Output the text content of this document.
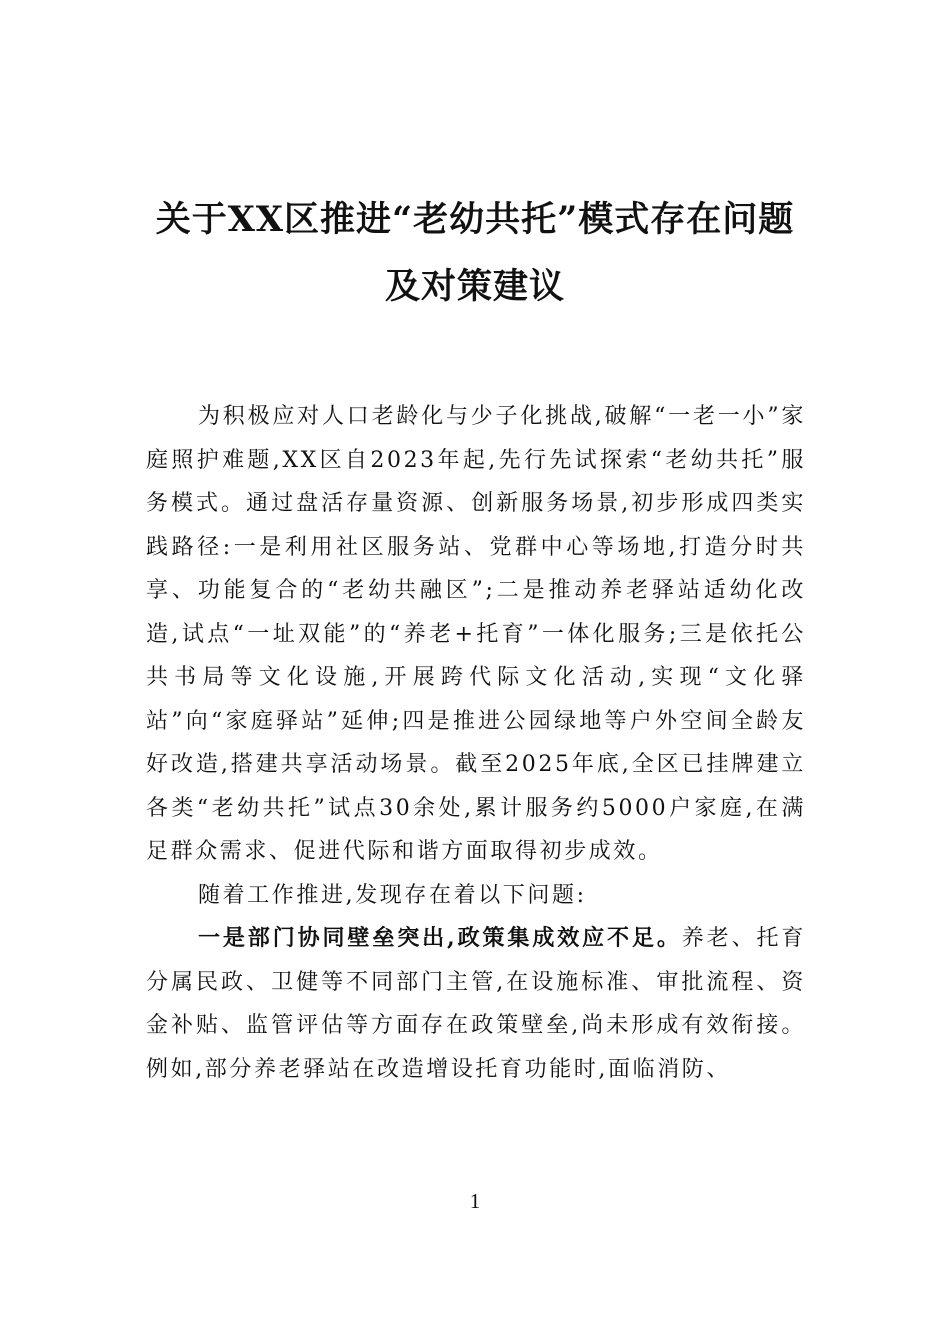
关于XX区推进“老幼共托”模式存在问题
及对策建议

为积极应对人口老龄化与少子化挑战,破解“一老一小”家庭照护难题,XX区自2023年起,先行先试探索“老幼共托”服务模式。通过盘活存量资源、创新服务场景,初步形成四类实践路径:一是利用社区服务站、党群中心等场地,打造分时共享、功能复合的“老幼共融区”;二是推动养老驿站适幼化改造,试点“一址双能”的“养老+托育”一体化服务;三是依托公共书局等文化设施,开展跨代际文化活动,实现“文化驿站”向“家庭驿站”延伸;四是推进公园绿地等户外空间全龄友好改造,搭建共享活动场景。截至2025年底,全区已挂牌建立各类“老幼共托”试点30余处,累计服务约5000户家庭,在满足群众需求、促进代际和谐方面取得初步成效。

随着工作推进,发现存在着以下问题:

一是部门协同壁垒突出,政策集成效应不足。养老、托育分属民政、卫健等不同部门主管,在设施标准、审批流程、资金补贴、监管评估等方面存在政策壁垒,尚未形成有效衔接。例如,部分养老驿站在改造增设托育功能时,面临消防、

1
